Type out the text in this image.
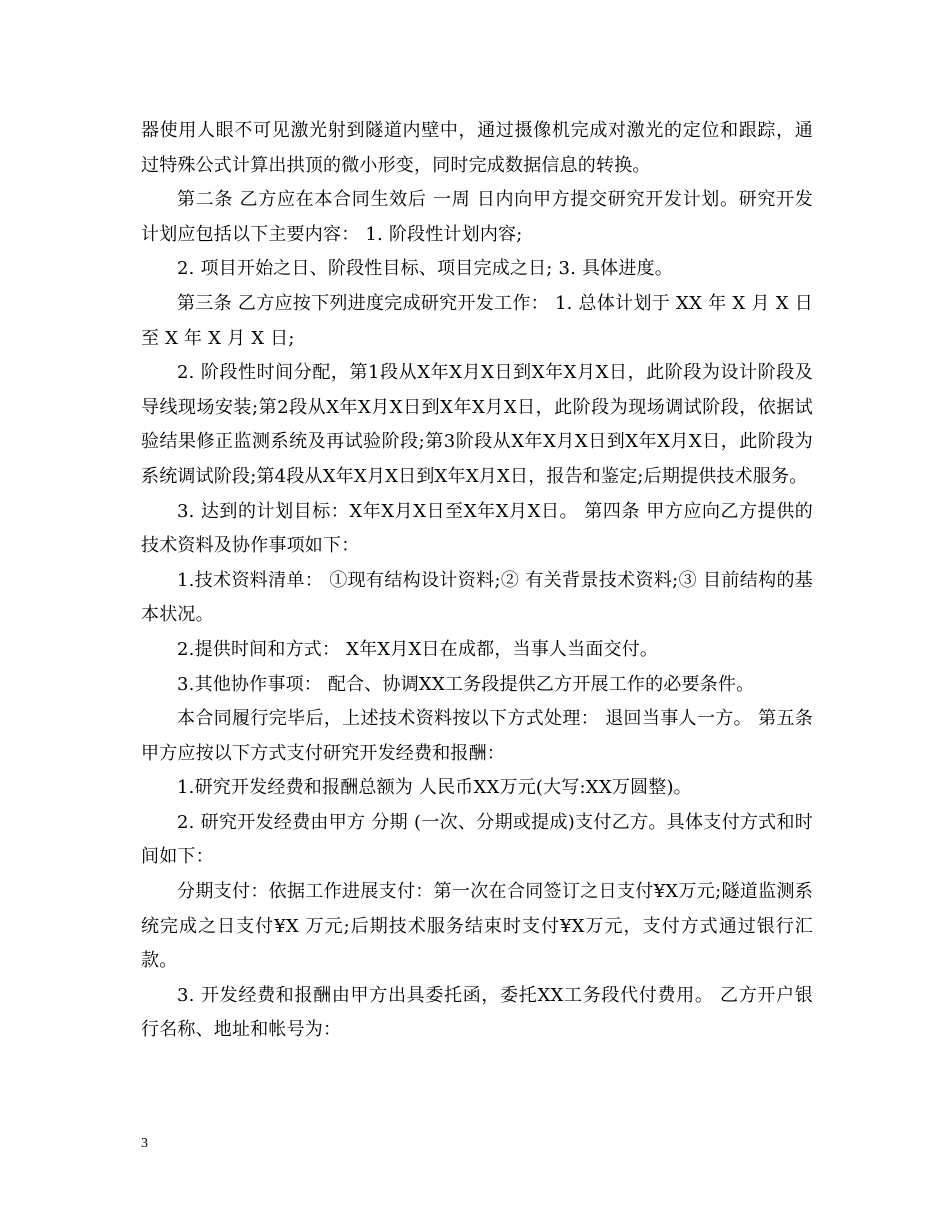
器使用人眼不可见激光射到隧道内壁中，通过摄像机完成对激光的定位和跟踪，通过特殊公式计算出拱顶的微小形变，同时完成数据信息的转换。

第二条 乙方应在本合同生效后 一周 日内向甲方提交研究开发计划。研究开发计划应包括以下主要内容： 1. 阶段性计划内容;

2. 项目开始之日、阶段性目标、项目完成之日; 3. 具体进度。

第三条 乙方应按下列进度完成研究开发工作： 1. 总体计划于 XX 年 X 月 X 日至 X 年 X 月 X 日;

2. 阶段性时间分配，第1段从X年X月X日到X年X月X日，此阶段为设计阶段及导线现场安装;第2段从X年X月X日到X年X月X日，此阶段为现场调试阶段，依据试验结果修正监测系统及再试验阶段;第3阶段从X年X月X日到X年X月X日，此阶段为系统调试阶段;第4段从X年X月X日到X年X月X日，报告和鉴定;后期提供技术服务。

3. 达到的计划目标：X年X月X日至X年X月X日。 第四条 甲方应向乙方提供的技术资料及协作事项如下：

1.技术资料清单： ①现有结构设计资料;② 有关背景技术资料;③ 目前结构的基本状况。

2.提供时间和方式： X年X月X日在成都，当事人当面交付。

3.其他协作事项： 配合、协调XX工务段提供乙方开展工作的必要条件。

本合同履行完毕后，上述技术资料按以下方式处理： 退回当事人一方。 第五条 甲方应按以下方式支付研究开发经费和报酬：

1.研究开发经费和报酬总额为 人民币XX万元(大写:XX万圆整)。

2. 研究开发经费由甲方 分期 (一次、分期或提成)支付乙方。具体支付方式和时间如下：

分期支付：依据工作进展支付：第一次在合同签订之日支付¥X万元;隧道监测系统完成之日支付¥X 万元;后期技术服务结束时支付¥X万元，支付方式通过银行汇款。

3. 开发经费和报酬由甲方出具委托函，委托XX工务段代付费用。 乙方开户银行名称、地址和帐号为：

3
